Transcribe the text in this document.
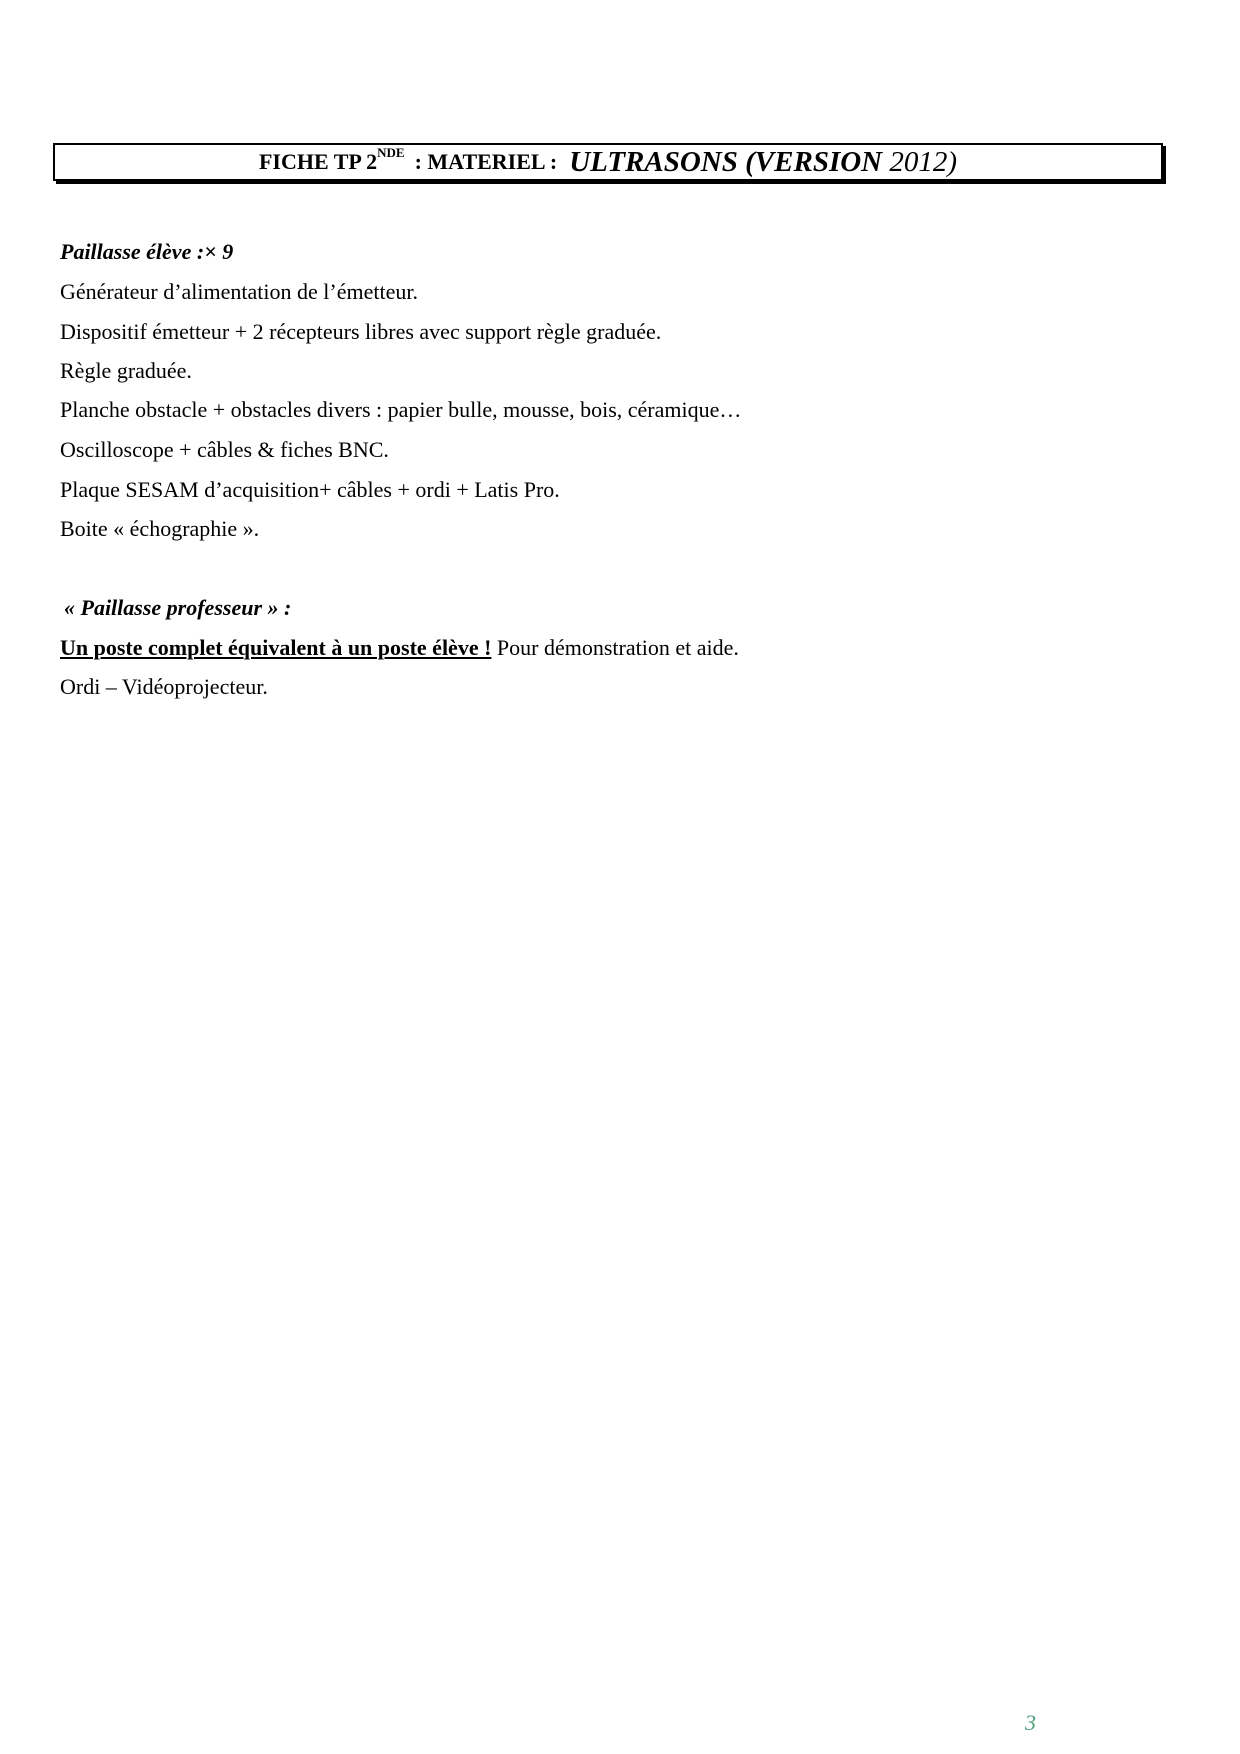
FICHE TP 2 NDE : MATERIEL : ULTRASONS (VERSION 2012)
Paillasse élève :× 9
Générateur d’alimentation de l’émetteur.
Dispositif émetteur + 2 récepteurs libres avec support règle graduée.
Règle graduée.
Planche obstacle + obstacles divers : papier bulle, mousse, bois, céramique…
Oscilloscope + câbles & fiches BNC.
Plaque SESAM d’acquisition+ câbles + ordi + Latis Pro.
Boite « échographie ».
« Paillasse professeur » :
Un poste complet équivalent à un poste élève ! Pour démonstration et aide.
Ordi – Vidéoprojecteur.
3
